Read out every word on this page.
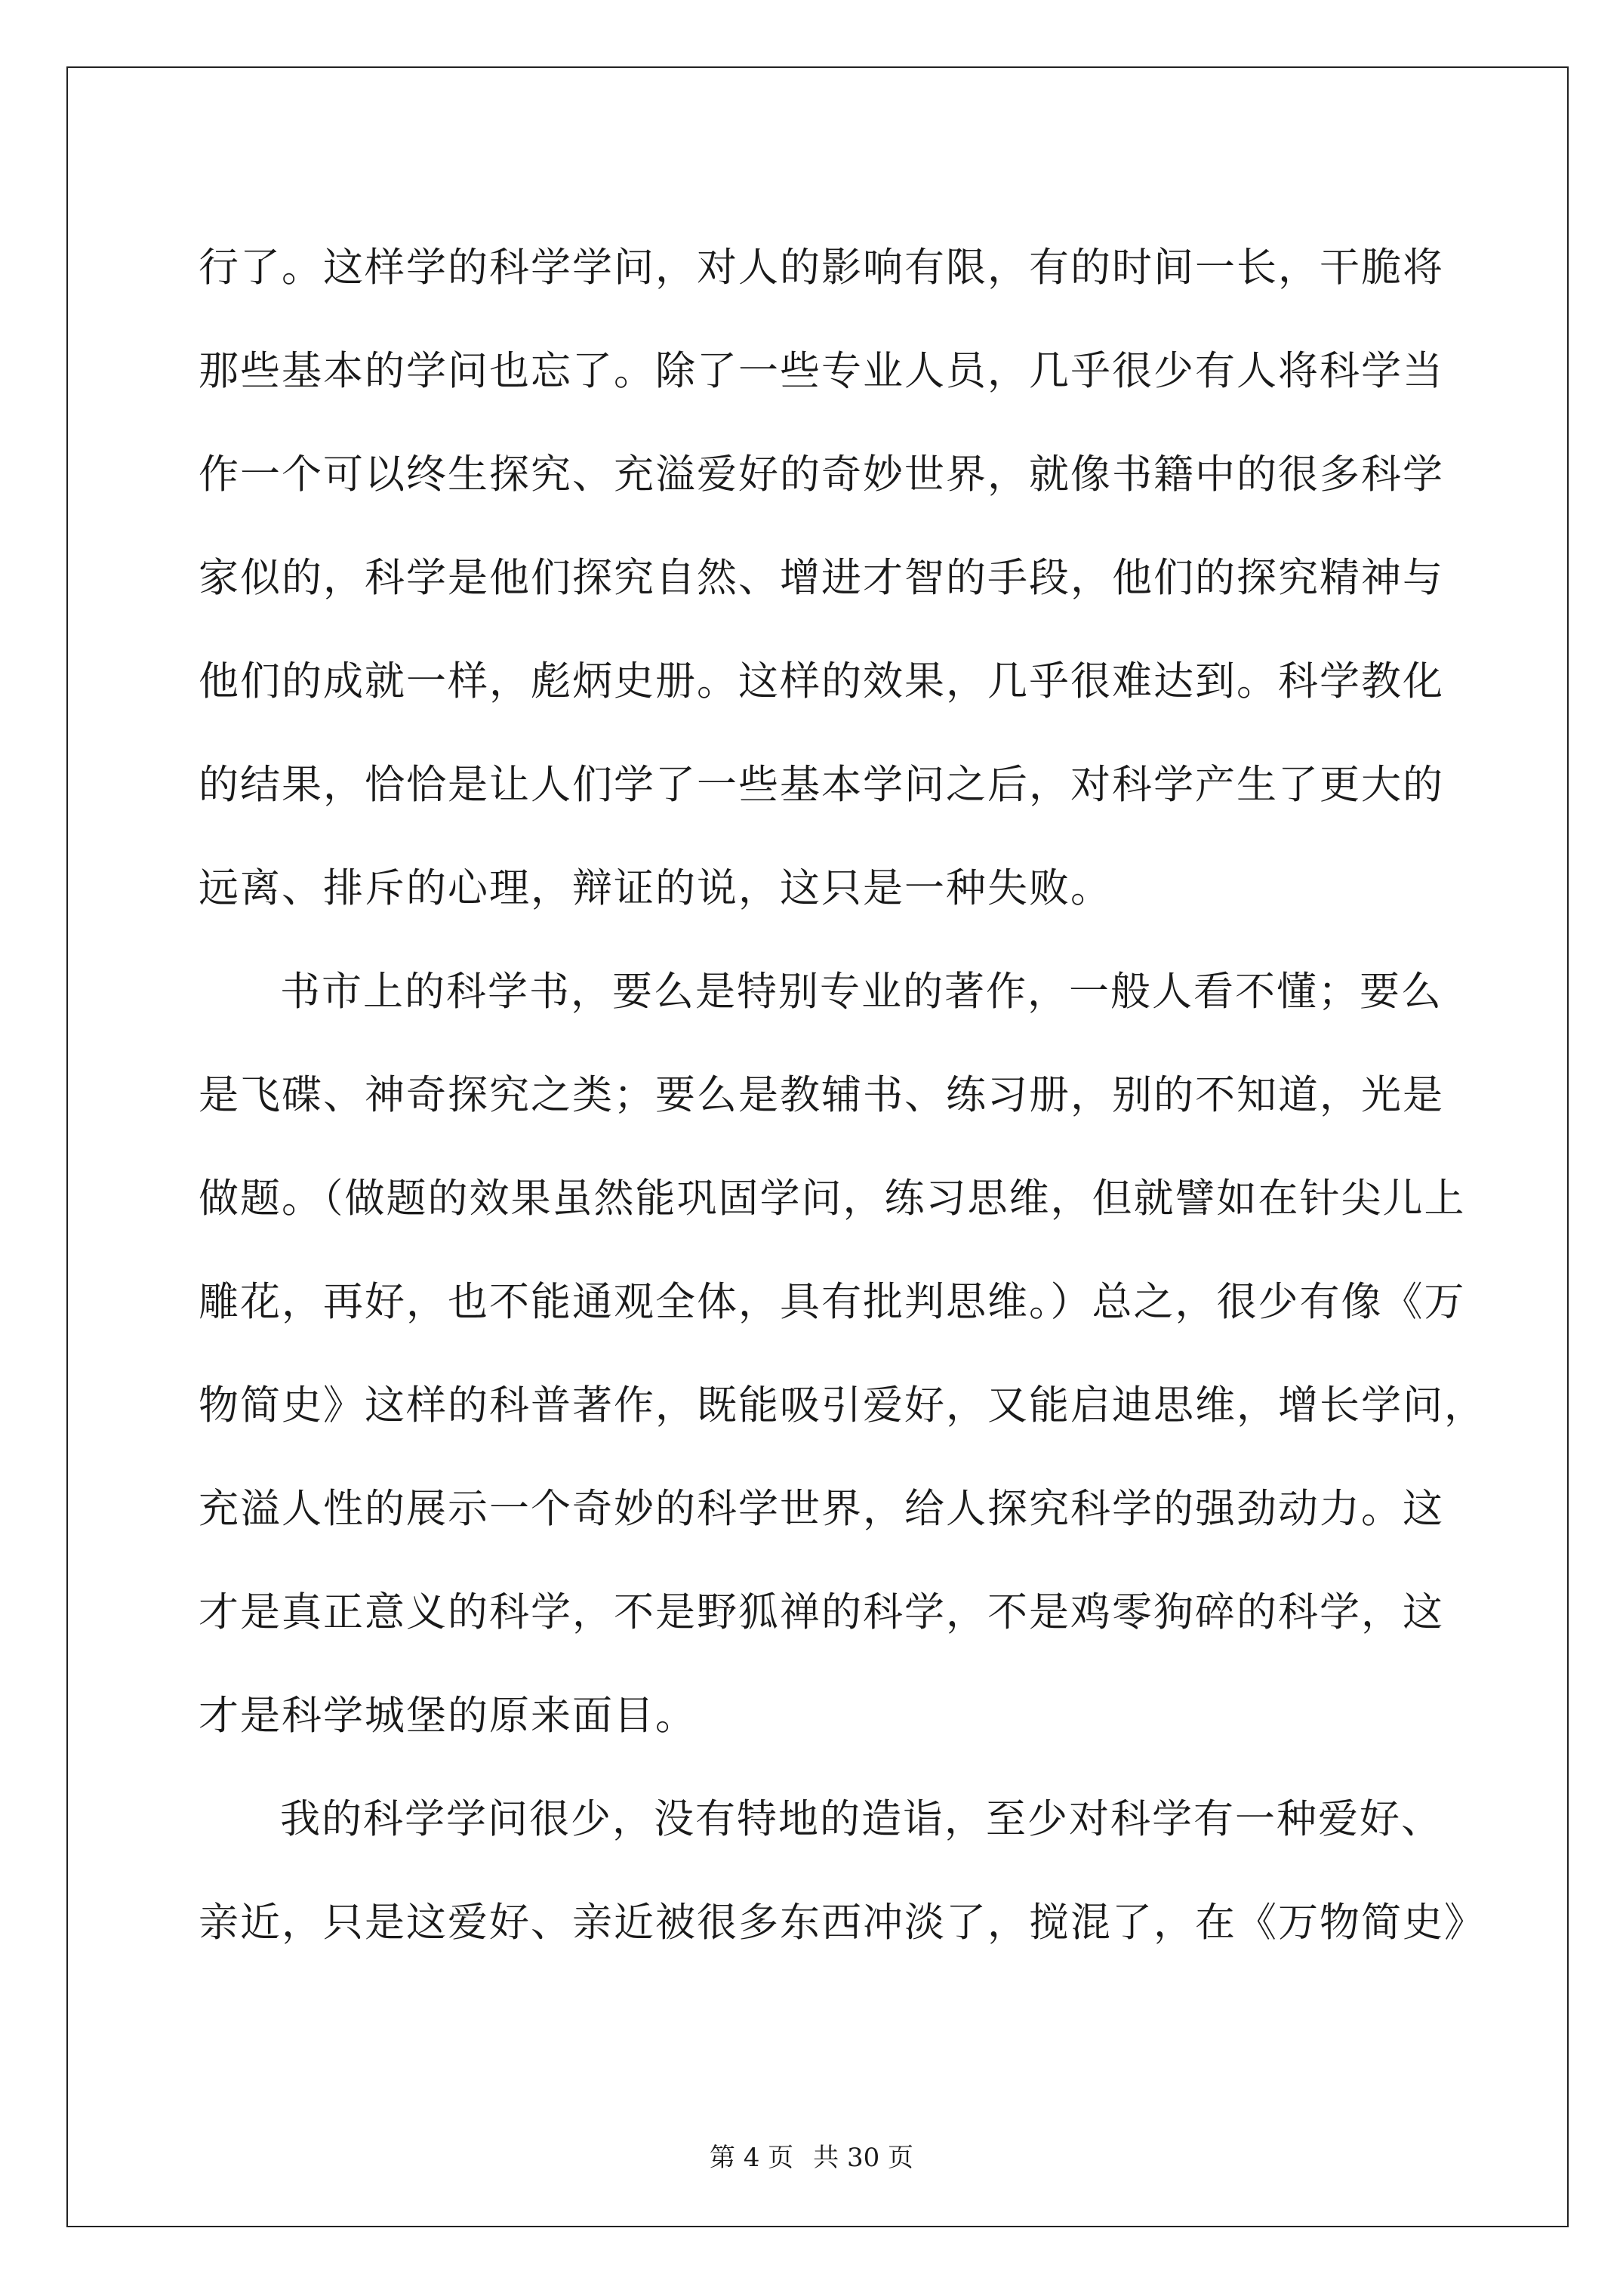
行了。这样学的科学学问，对人的影响有限，有的时间一长，干脆将
那些基本的学问也忘了。除了一些专业人员，几乎很少有人将科学当
作一个可以终生探究、充溢爱好的奇妙世界，就像书籍中的很多科学
家似的，科学是他们探究自然、增进才智的手段，他们的探究精神与
他们的成就一样，彪炳史册。这样的效果，几乎很难达到。科学教化
的结果，恰恰是让人们学了一些基本学问之后，对科学产生了更大的
远离、排斥的心理，辩证的说，这只是一种失败。
书市上的科学书，要么是特别专业的著作，一般人看不懂；要么
是飞碟、神奇探究之类；要么是教辅书、练习册，别的不知道，光是
做题。（做题的效果虽然能巩固学问，练习思维，但就譬如在针尖儿上
雕花，再好，也不能通观全体，具有批判思维。）总之，很少有像《万
物简史》这样的科普著作，既能吸引爱好，又能启迪思维，增长学问，
充溢人性的展示一个奇妙的科学世界，给人探究科学的强劲动力。这
才是真正意义的科学，不是野狐禅的科学，不是鸡零狗碎的科学，这
才是科学城堡的原来面目。
我的科学学问很少，没有特地的造诣，至少对科学有一种爱好、
亲近，只是这爱好、亲近被很多东西冲淡了，搅混了，在《万物简史》
第 4 页 共 30 页
